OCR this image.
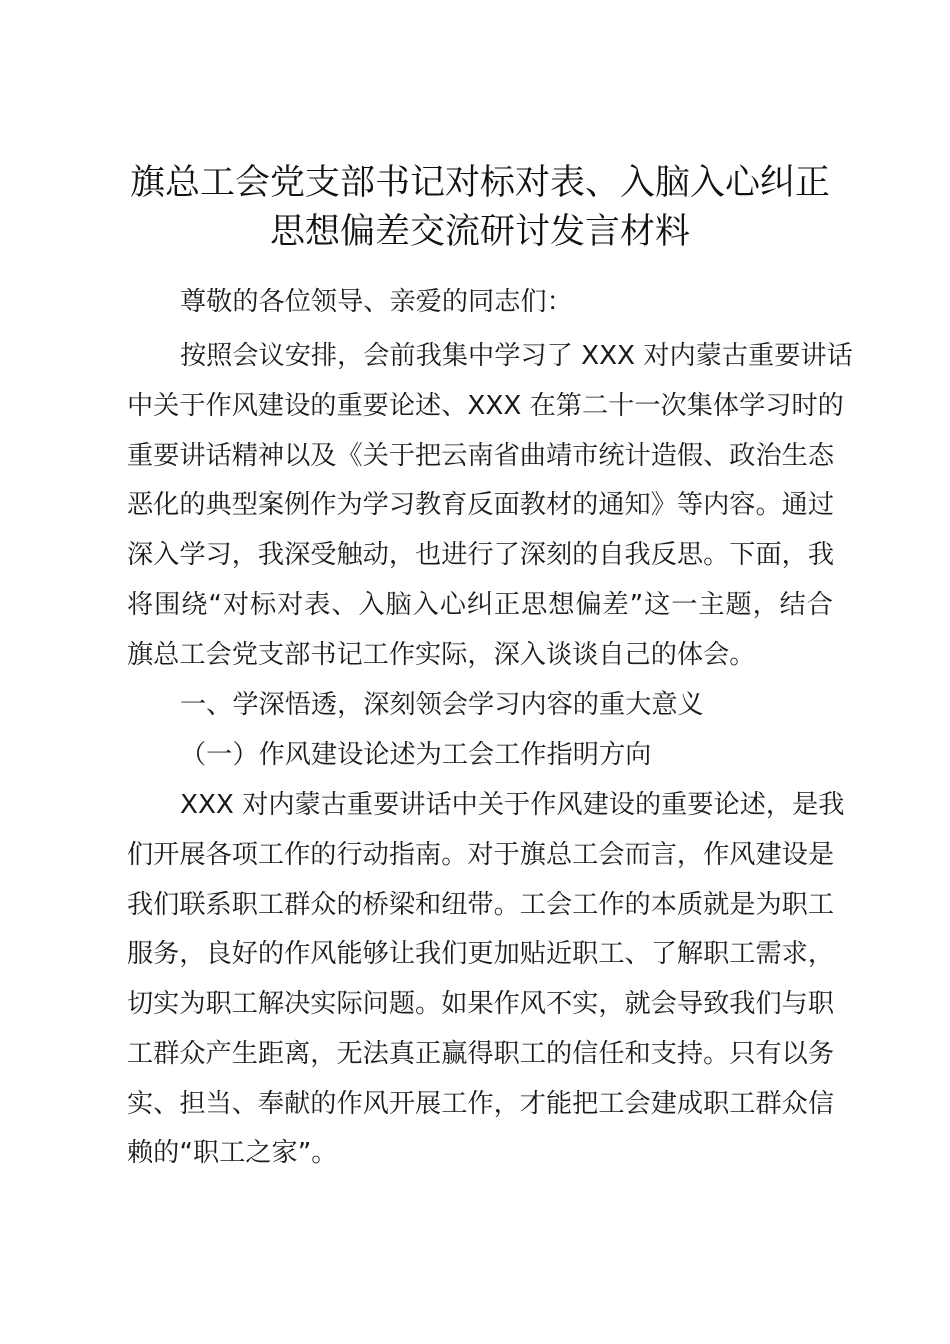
旗总工会党支部书记对标对表、入脑入心纠正
思想偏差交流研讨发言材料
尊敬的各位领导、亲爱的同志们：
按照会议安排，会前我集中学习了 XXX 对内蒙古重要讲话
中关于作风建设的重要论述、XXX 在第二十一次集体学习时的
重要讲话精神以及《关于把云南省曲靖市统计造假、政治生态
恶化的典型案例作为学习教育反面教材的通知》等内容。通过
深入学习，我深受触动，也进行了深刻的自我反思。下面，我
将围绕“对标对表、入脑入心纠正思想偏差”这一主题，结合
旗总工会党支部书记工作实际，深入谈谈自己的体会。
一、学深悟透，深刻领会学习内容的重大意义
（一）作风建设论述为工会工作指明方向
XXX 对内蒙古重要讲话中关于作风建设的重要论述，是我
们开展各项工作的行动指南。对于旗总工会而言，作风建设是
我们联系职工群众的桥梁和纽带。工会工作的本质就是为职工
服务，良好的作风能够让我们更加贴近职工、了解职工需求，
切实为职工解决实际问题。如果作风不实，就会导致我们与职
工群众产生距离，无法真正赢得职工的信任和支持。只有以务
实、担当、奉献的作风开展工作，才能把工会建成职工群众信
赖的“职工之家”。
